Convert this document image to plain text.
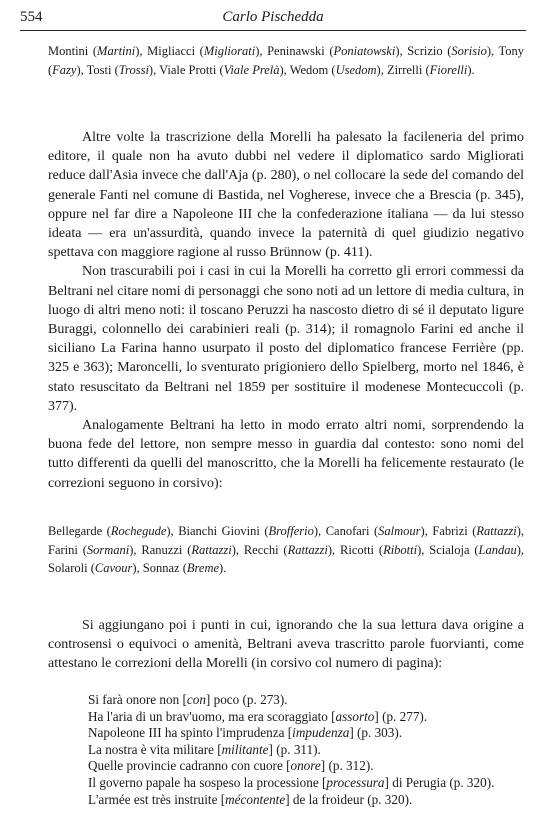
554	Carlo Pischedda

Montini (Martini), Migliacci (Migliorati), Peninawski (Poniatowski), Scrizio (Sorisio), Tony (Fazy), Tosti (Trossi), Viale Protti (Viale Prelà), Wedom (Usedom), Zirrelli (Fiorelli).

Altre volte la trascrizione della Morelli ha palesato la facileneria del primo editore, il quale non ha avuto dubbi nel vedere il diplomatico sardo Migliorati reduce dall'Asia invece che dall'Aja (p. 280), o nel collocare la sede del comando del generale Fanti nel comune di Bastida, nel Vogherese, invece che a Brescia (p. 345), oppure nel far dire a Napoleone III che la confederazione italiana — da lui stesso ideata — era un'assurdità, quando invece la paternità di quel giudizio negativo spettava con maggiore ragione al russo Brünnow (p. 411).

Non trascurabili poi i casi in cui la Morelli ha corretto gli errori commessi da Beltrani nel citare nomi di personaggi che sono noti ad un lettore di media cultura, in luogo di altri meno noti: il toscano Peruzzi ha nascosto dietro di sé il deputato ligure Buraggi, colonnello dei carabinieri reali (p. 314); il romagnolo Farini ed anche il siciliano La Farina hanno usurpato il posto del diplomatico francese Ferrière (pp. 325 e 363); Maroncelli, lo sventurato prigioniero dello Spielberg, morto nel 1846, è stato resuscitato da Beltrani nel 1859 per sostituire il modenese Montecuccoli (p. 377).

Analogamente Beltrani ha letto in modo errato altri nomi, sorprendendo la buona fede del lettore, non sempre messo in guardia dal contesto: sono nomi del tutto differenti da quelli del manoscritto, che la Morelli ha felicemente restaurato (le correzioni seguono in corsivo):

Bellegarde (Rochegude), Bianchi Giovini (Brofferio), Canofari (Salmour), Fabrizi (Rattazzi), Farini (Sormani), Ranuzzi (Rattazzi), Recchi (Rattazzi), Ricotti (Ribotti), Scialoja (Landau), Solaroli (Cavour), Sonnaz (Breme).

Si aggiungano poi i punti in cui, ignorando che la sua lettura dava origine a controsensi o equivoci o amenità, Beltrani aveva trascritto parole fuorvianti, come attestano le correzioni della Morelli (in corsivo col numero di pagina):

Si farà onore non [con] poco (p. 273).
Ha l'aria di un brav'uomo, ma era scoraggiato [assorto] (p. 277).
Napoleone III ha spinto l'imprudenza [impudenza] (p. 303).
La nostra è vita militare [militante] (p. 311).
Quelle provincie cadranno con cuore [onore] (p. 312).
Il governo papale ha sospeso la processione [processura] di Perugia (p. 320).
L'armée est très instruite [mécontente] de la froideur (p. 320).
